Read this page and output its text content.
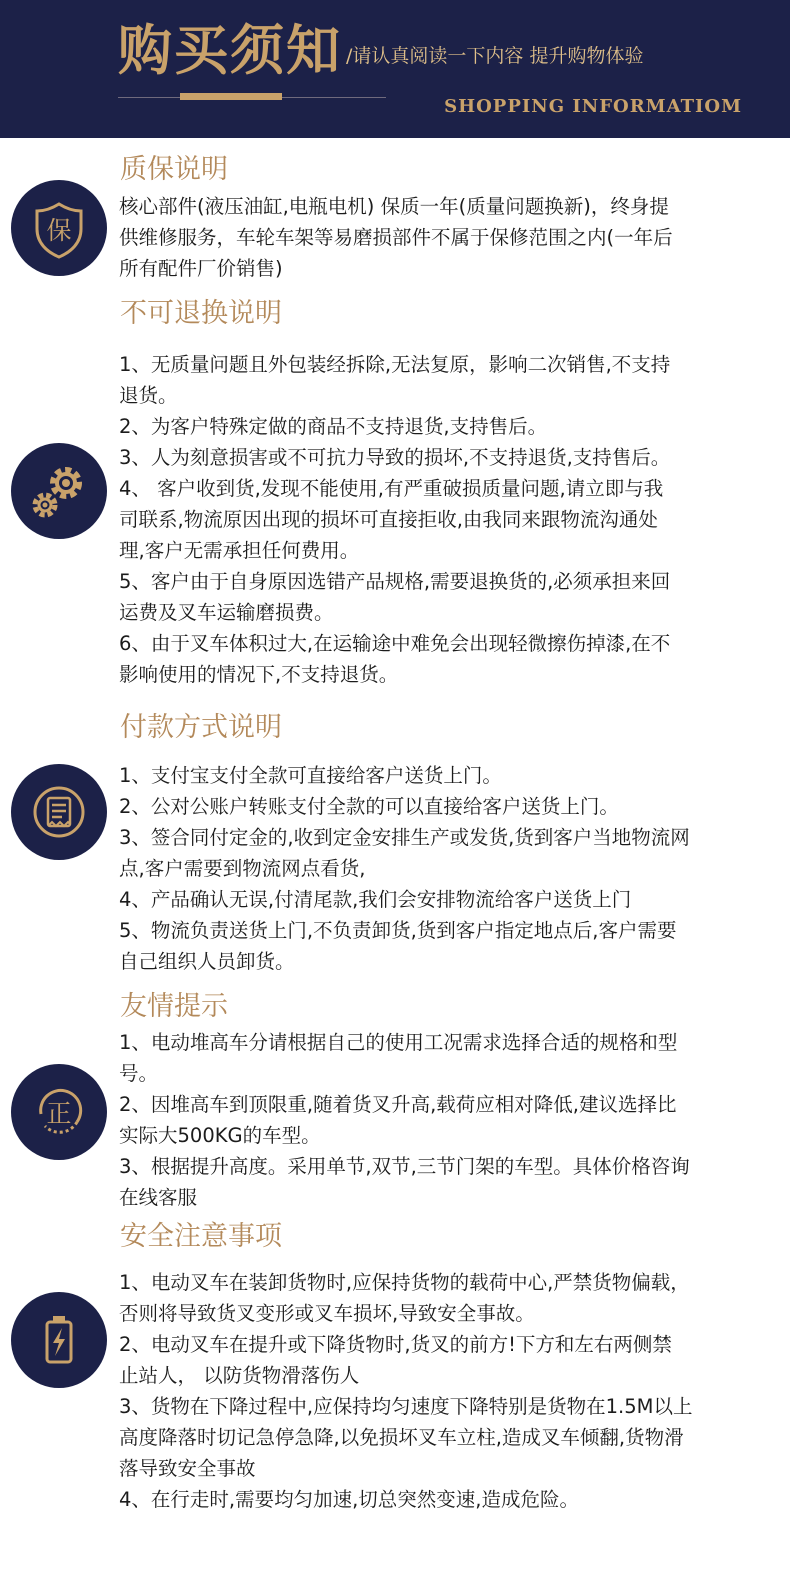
购买须知 /请认真阅读一下内容 提升购物体验
SHOPPING INFORMATIOM
质保说明
保
核心部件(液压油缸,电瓶电机) 保质一年(质量问题换新)，终身提
供维修服务，车轮车架等易磨损部件不属于保修范围之内(一年后
所有配件厂价销售)
不可退换说明
1、无质量问题且外包装经拆除,无法复原，影响二次销售,不支持
退货。
2、为客户特殊定做的商品不支持退货,支持售后。
3、人为刻意损害或不可抗力导致的损坏,不支持退货,支持售后。
4、 客户收到货,发现不能使用,有严重破损质量问题,请立即与我
司联系,物流原因出现的损坏可直接拒收,由我同来跟物流沟通处
理,客户无需承担任何费用。
5、客户由于自身原因选错产品规格,需要退换货的,必须承担来回
运费及叉车运输磨损费。
6、由于叉车体积过大,在运输途中难免会出现轻微擦伤掉漆,在不
影响使用的情况下,不支持退货。
付款方式说明
1、支付宝支付全款可直接给客户送货上门。
2、公对公账户转账支付全款的可以直接给客户送货上门。
3、签合同付定金的,收到定金安排生产或发货,货到客户当地物流网
点,客户需要到物流网点看货,
4、产品确认无误,付清尾款,我们会安排物流给客户送货上门
5、物流负责送货上门,不负责卸货,货到客户指定地点后,客户需要
自己组织人员卸货。
友情提示
正
1、电动堆高车分请根据自己的使用工况需求选择合适的规格和型
号。
2、因堆高车到顶限重,随着货叉升高,载荷应相对降低,建议选择比
实际大500KG的车型。
3、根据提升高度。采用单节,双节,三节门架的车型。具体价格咨询
在线客服
安全注意事项
1、电动叉车在装卸货物时,应保持货物的载荷中心,严禁货物偏载，
否则将导致货叉变形或叉车损坏,导致安全事故。
2、电动叉车在提升或下降货物时,货叉的前方!下方和左右两侧禁
止站人， 以防货物滑落伤人
3、货物在下降过程中,应保持均匀速度下降特别是货物在1.5M以上
高度降落时切记急停急降,以免损坏叉车立柱,造成叉车倾翻,货物滑
落导致安全事故
4、在行走时,需要均匀加速,切总突然变速,造成危险。
